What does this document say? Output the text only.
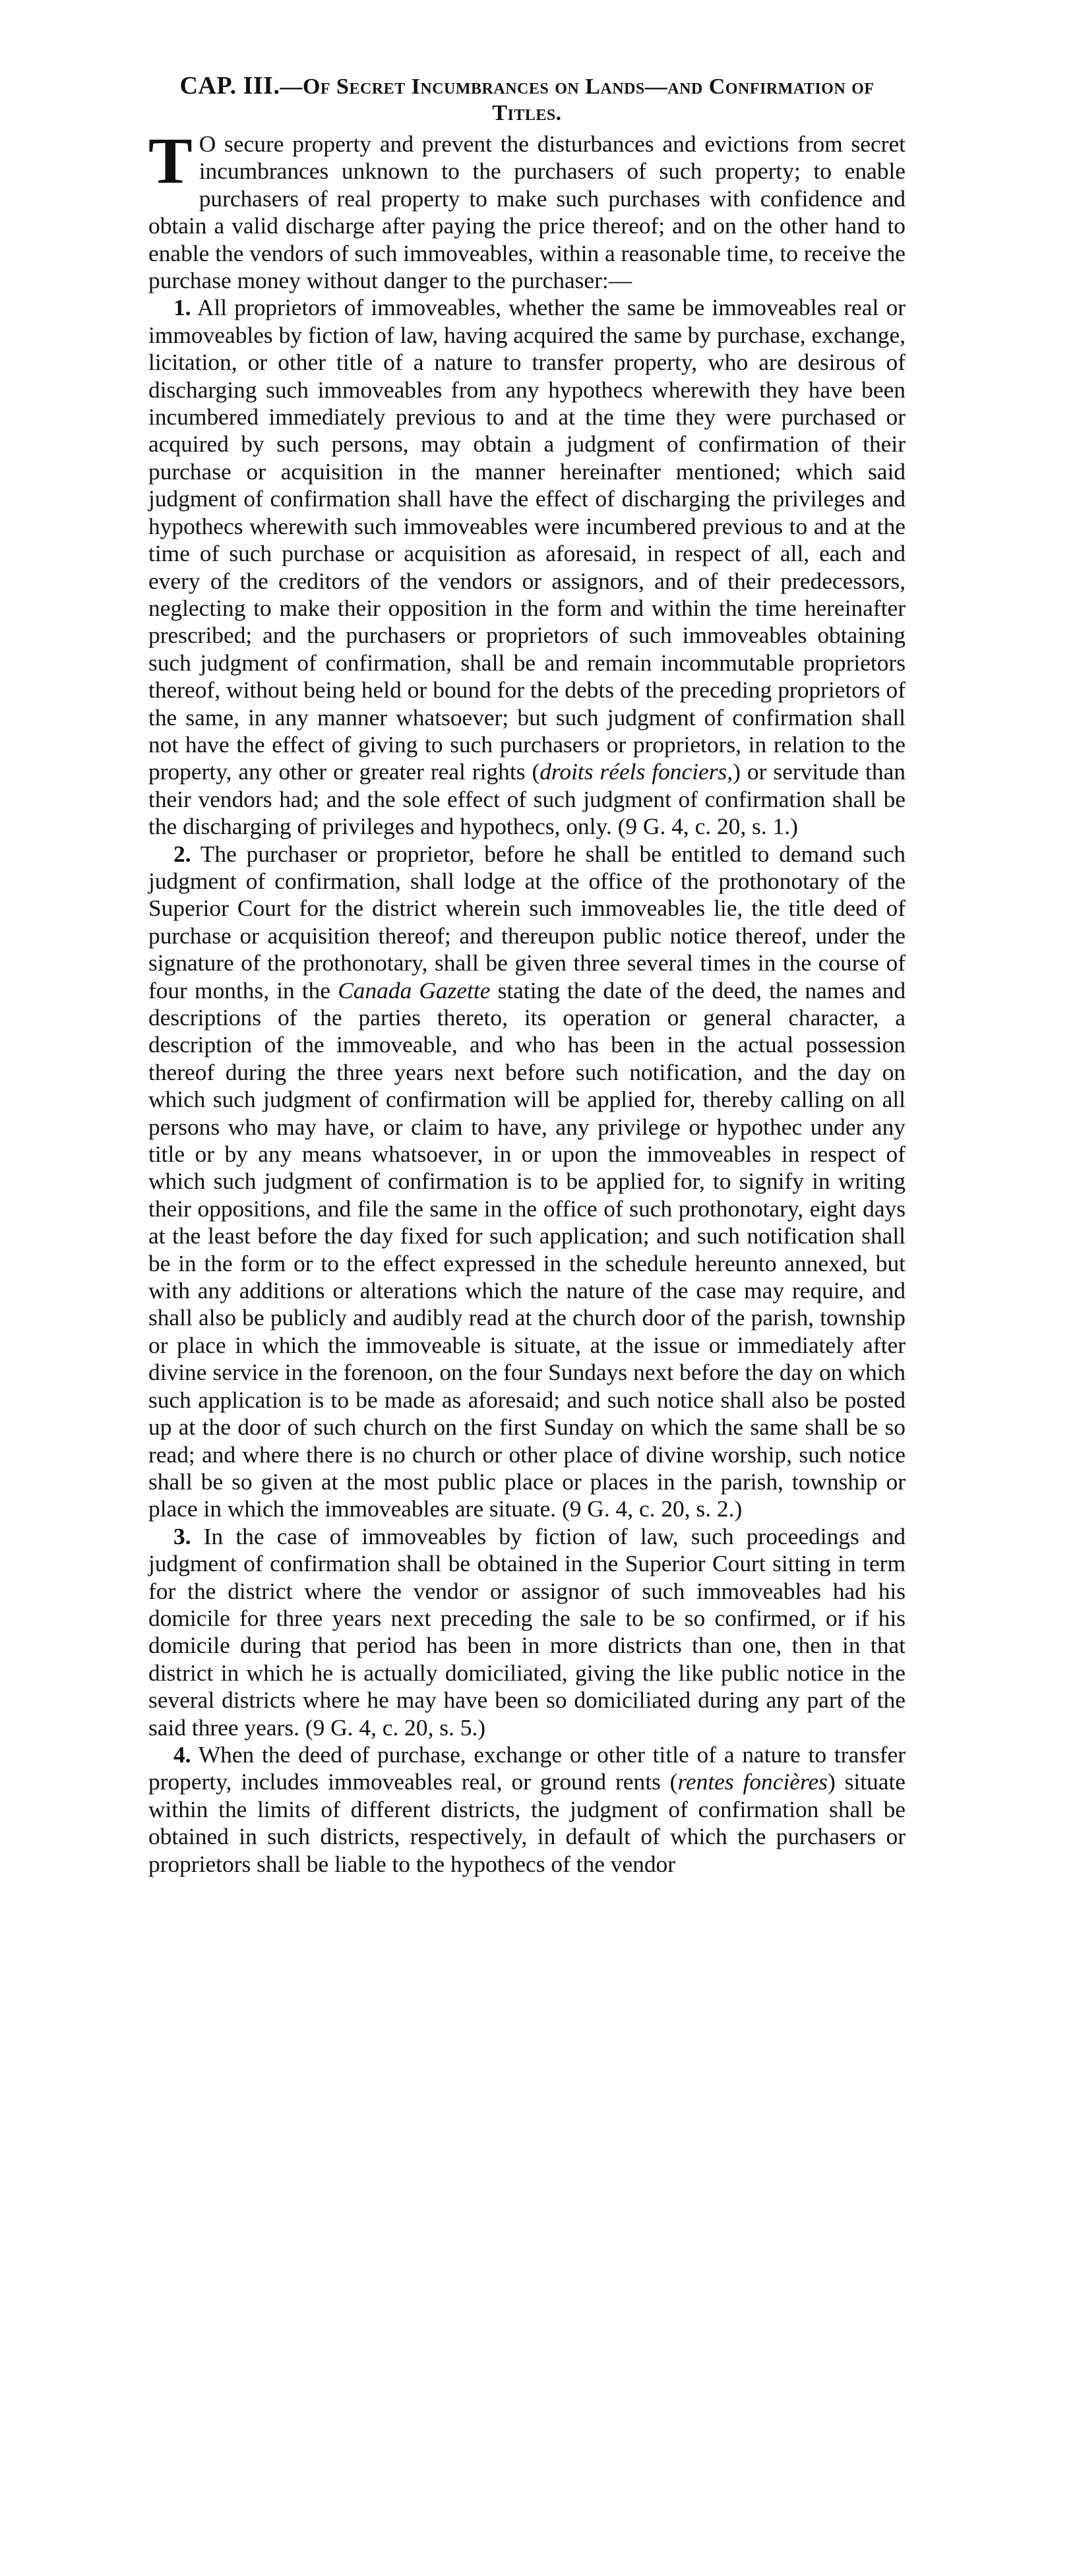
CAP. III.—Of Secret Incumbrances on Lands—and Confirmation of Titles.

T O secure property and prevent the disturbances and evictions from secret incumbrances unknown to the purchasers of such property; to enable purchasers of real property to make such purchases with confidence and obtain a valid discharge after paying the price thereof; and on the other hand to enable the vendors of such immoveables, within a reasonable time, to receive the purchase money without danger to the purchaser:—

1. All proprietors of immoveables, whether the same be immoveables real or immoveables by fiction of law, having acquired the same by purchase, exchange, licitation, or other title of a nature to transfer property, who are desirous of discharging such immoveables from any hypothecs wherewith they have been incumbered immediately previous to and at the time they were purchased or acquired by such persons, may obtain a judgment of confirmation of their purchase or acquisition in the manner hereinafter mentioned; which said judgment of confirmation shall have the effect of discharging the privileges and hypothecs wherewith such immoveables were incumbered previous to and at the time of such purchase or acquisition as aforesaid, in respect of all, each and every of the creditors of the vendors or assignors, and of their predecessors, neglecting to make their opposition in the form and within the time hereinafter prescribed; and the purchasers or proprietors of such immoveables obtaining such judgment of confirmation, shall be and remain incommutable proprietors thereof, without being held or bound for the debts of the preceding proprietors of the same, in any manner whatsoever; but such judgment of confirmation shall not have the effect of giving to such purchasers or proprietors, in relation to the property, any other or greater real rights (droits réels fonciers,) or servitude than their vendors had; and the sole effect of such judgment of confirmation shall be the discharging of privileges and hypothecs, only. (9 G. 4, c. 20, s. 1.)

2. The purchaser or proprietor, before he shall be entitled to demand such judgment of confirmation, shall lodge at the office of the prothonotary of the Superior Court for the district wherein such immoveables lie, the title deed of purchase or acquisition thereof; and thereupon public notice thereof, under the signature of the prothonotary, shall be given three several times in the course of four months, in the Canada Gazette stating the date of the deed, the names and descriptions of the parties thereto, its operation or general character, a description of the immoveable, and who has been in the actual possession thereof during the three years next before such notification, and the day on which such judgment of confirmation will be applied for, thereby calling on all persons who may have, or claim to have, any privilege or hypothec under any title or by any means whatsoever, in or upon the immoveables in respect of which such judgment of confirmation is to be applied for, to signify in writing their oppositions, and file the same in the office of such prothonotary, eight days at the least before the day fixed for such application; and such notification shall be in the form or to the effect expressed in the schedule hereunto annexed, but with any additions or alterations which the nature of the case may require, and shall also be publicly and audibly read at the church door of the parish, township or place in which the immoveable is situate, at the issue or immediately after divine service in the forenoon, on the four Sundays next before the day on which such application is to be made as aforesaid; and such notice shall also be posted up at the door of such church on the first Sunday on which the same shall be so read; and where there is no church or other place of divine worship, such notice shall be so given at the most public place or places in the parish, township or place in which the immoveables are situate. (9 G. 4, c. 20, s. 2.)

3. In the case of immoveables by fiction of law, such proceedings and judgment of confirmation shall be obtained in the Superior Court sitting in term for the district where the vendor or assignor of such immoveables had his domicile for three years next preceding the sale to be so confirmed, or if his domicile during that period has been in more districts than one, then in that district in which he is actually domiciliated, giving the like public notice in the several districts where he may have been so domiciliated during any part of the said three years. (9 G. 4, c. 20, s. 5.)

4. When the deed of purchase, exchange or other title of a nature to transfer property, includes immoveables real, or ground rents (rentes foncières) situate within the limits of different districts, the judgment of confirmation shall be obtained in such districts, respectively, in default of which the purchasers or proprietors shall be liable to the hypothecs of the vendor
